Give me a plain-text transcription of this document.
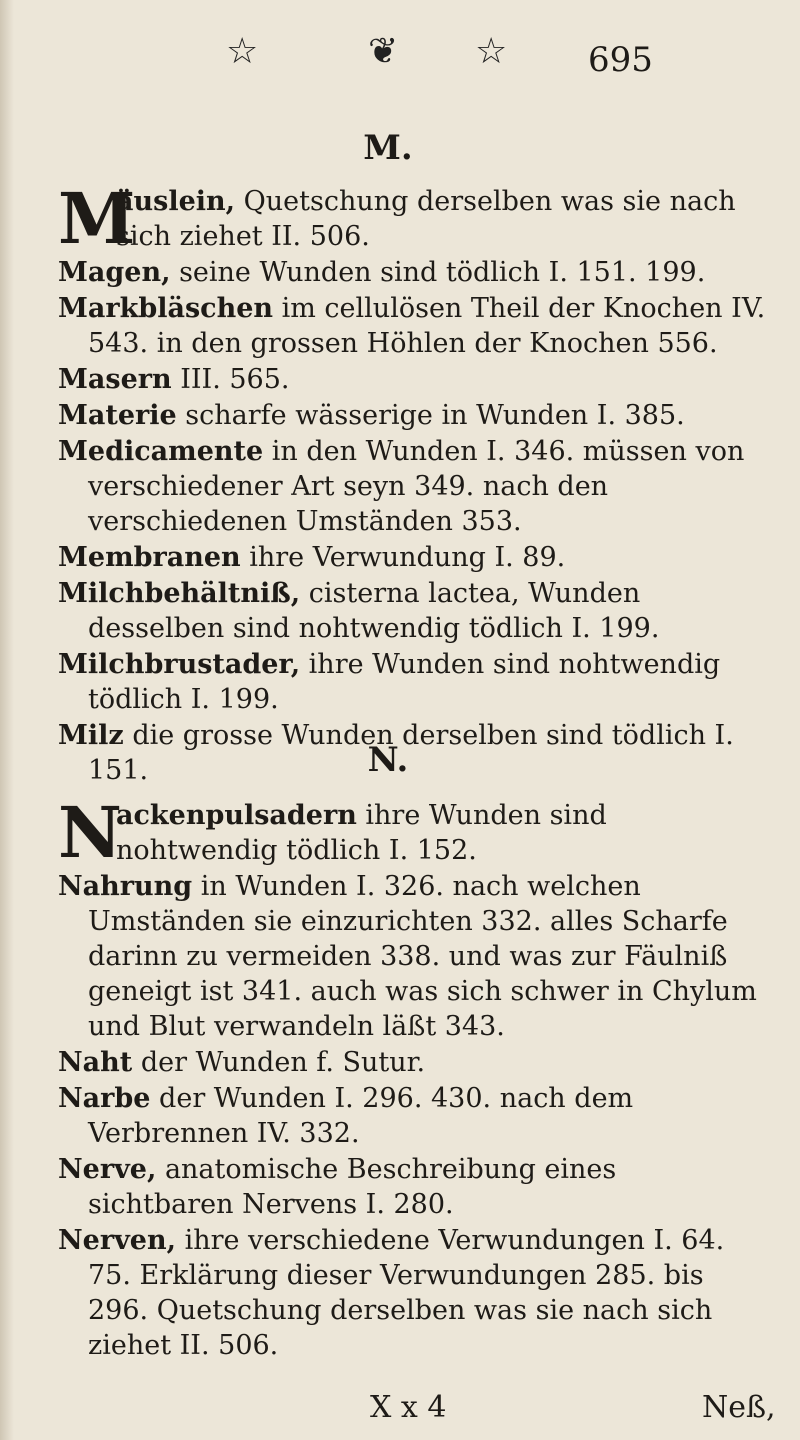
☆	❦ ☆ 695
M.

M
äuslein, Quetschung derselben was sie nach sich ziehet II. 506.

Magen, seine Wunden sind tödlich I. 151. 199.

Markbläschen im cellulösen Theil der Knochen IV. 543. in den grossen Höhlen der Knochen 556.

Masern III. 565.

Materie scharfe wässerige in Wunden I. 385.

Medicamente in den Wunden I. 346. müssen von verschiedener Art seyn 349. nach den verschiedenen Umständen 353.

Membranen ihre Verwundung I. 89.

Milchbehältniß, cisterna lactea, Wunden desselben sind nohtwendig tödlich I. 199.

Milchbrustader, ihre Wunden sind nohtwendig tödlich I. 199.

Milz die grosse Wunden derselben sind tödlich I. 151.	N.

N
ackenpulsadern ihre Wunden sind nohtwendig tödlich I. 152.

Nahrung in Wunden I. 326. nach welchen Umständen sie einzurichten 332. alles Scharfe darinn zu vermeiden 338. und was zur Fäulniß geneigt ist 341. auch was sich schwer in Chylum und Blut verwandeln läßt 343.

Naht der Wunden f. Sutur.

Narbe der Wunden I. 296. 430. nach dem Verbrennen IV. 332.

Nerve, anatomische Beschreibung eines sichtbaren Nervens I. 280.

Nerven, ihre verschiedene Verwundungen I. 64. 75. Erklärung dieser Verwundungen 285. bis 296. Quetschung derselben was sie nach sich ziehet II. 506.

X x 4	Neß,
